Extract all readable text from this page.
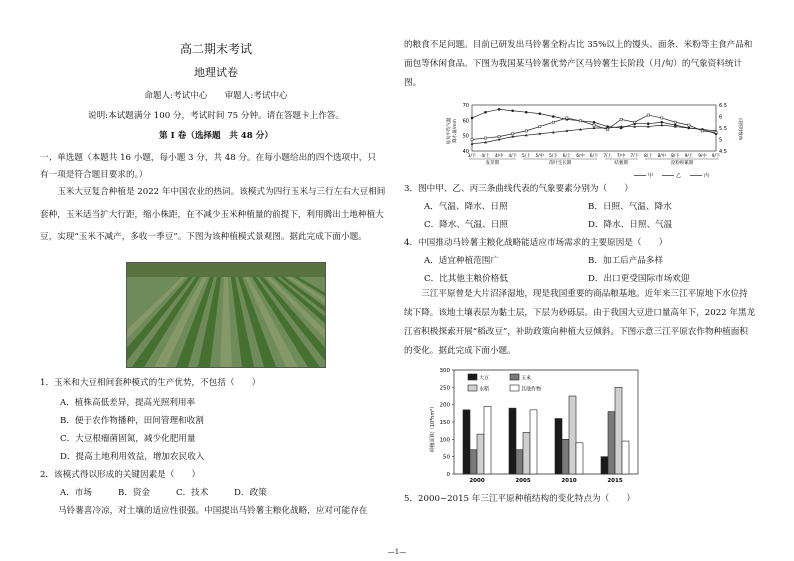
高二期末考试
地理试卷
命题人:考试中心　　审题人:考试中心
说明:本试题满分 100 分，考试时间 75 分钟。请在答题卡上作答。
第 Ⅰ 卷（选择题　共 48 分）
一、单选题（本题共 16 小题，每小题 3 分，共 48 分。在每小题给出的四个选项中，只
有一项是符合题目要求的。）
玉米大豆复合种植是 2022 年中国农业的热词。该模式为四行玉米与三行左右大豆相间套种，玉米适当扩大行距，缩小株距，在不减少玉米种植量的前提下，利用腾出土地种植大豆，实现“玉米不减产，多收一季豆”。下图为该种植模式景观图。据此完成下面小题。
1．玉米和大豆相间套种模式的生产优势，不包括（　　）
A．植株高低差异，提高光照利用率
B．便于农作物播种，田间管理和收割
C．大豆根瘤菌固氮，减少化肥用量
D．提高土地利用效益，增加农民收入
2．该模式得以形成的关键因素是（　　）
A．市场	B．资金	C．技术	D．政策
马铃薯喜冷凉，对土壤的适应性很强。中国提出马铃薯主粮化战略，应对可能存在
的粮食不足问题。目前已研发出马铃薯全粉占比 35%以上的馒头、面条、米粉等主食产品和面包等休闲食品。下图为我国某马铃薯优势产区马铃薯生长阶段（月/旬）的气象资料统计图。
70
60
50
40
6.5
6
5.5
5
4.5
每旬平均气温 降水量/mm	日照时数/h
3/下 4/上 4/中 4/下 5/上 5/中 5/下 6/上 6/中 6/下 7/上 7/中 7/下 8/上 8/中 8/下 9/上 9/中 9/下
发芽期	苗叶生长期	结薯期	淀粉积累期
甲	乙	丙
3．图中甲、乙、丙三条曲线代表的气象要素分别为（　　）
A．气温、降水、日照	B．日照、气温、降水
C．降水、气温、日照	D．降水、日照、气温
4．中国推动马铃薯主粮化战略能适应市场需求的主要原因是（　　）
A．适宜种植范围广	B．加工后产品多样
C．比其他主粮价格低	D．出口更受国际市场欢迎
三江平原曾是大片沼泽湿地，现是我国重要的商品粮基地。近年来三江平原地下水位持续下降。该地土壤表层为黏土层，下层为砂砾层。由于我国大豆进口量高年下，2022 年黑龙江省积极探索开展“稻改豆”，补助政策向种植大豆倾斜。下图示意三江平原农作物种植面积的变化。据此完成下面小题。
0
50
100
150
200
250
300
种植面积（10⁴hm²）
2000	2005	2010	2015
大豆	玉米
水稻	其他作物
5．2000−2015 年三江平原种植结构的变化特点为（　　）
—1—
